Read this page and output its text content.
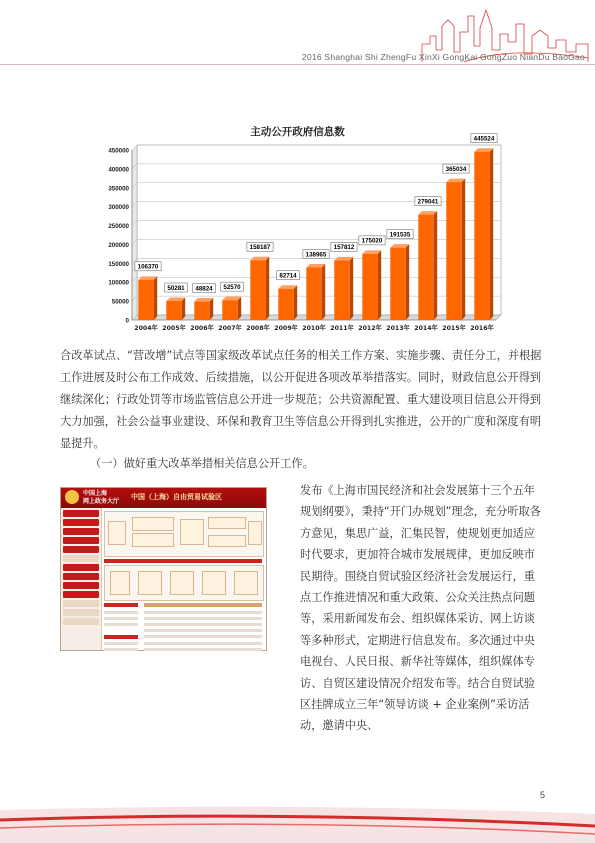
2016 Shanghai Shi ZhengFu XinXi GongKai GongZuo NianDu BaoGao
主动公开政府信息数
0
50000
100000
150000
200000
250000
300000
350000
400000
450000
106370
2004年
50281
2005年
48824
2006年
52570
2007年
158187
2008年
82714
2009年
138965
2010年
157812
2011年
175020
2012年
191535
2013年
279041
2014年
365034
2015年
445524
2016年

合改革试点、“营改增”试点等国家级改革试点任务的相关工作方案、实施步骤、责任分工，并根据工作进展及时公布工作成效、后续措施，以公开促进各项改革举措落实。同时，财政信息公开得到继续深化；行政处罚等市场监管信息公开进一步规范；公共资源配置、重大建设项目信息公开得到大力加强，社会公益事业建设、环保和教育卫生等信息公开得到扎实推进，公开的广度和深度有明显提升。

（一）做好重大改革举措相关信息公开工作。
中国上海
网上政务大厅
中国（上海）自由贸易试验区	发布《上海市国民经济和社会发展第十三个五年规划纲要》，秉持“开门办规划”理念，充分听取各方意见，集思广益，汇集民智，使规划更加适应时代要求，更加符合城市发展规律，更加反映市民期待。围绕自贸试验区经济社会发展运行，重点工作推进情况和重大政策、公众关注热点问题等，采用新闻发布会、组织媒体采访、网上访谈等多种形式，定期进行信息发布。多次通过中央电视台、人民日报、新华社等媒体，组织媒体专访、自贸区建设情况介绍发布等。结合自贸试验区挂牌成立三年“领导访谈 + 企业案例”采访活动，邀请中央、

5
